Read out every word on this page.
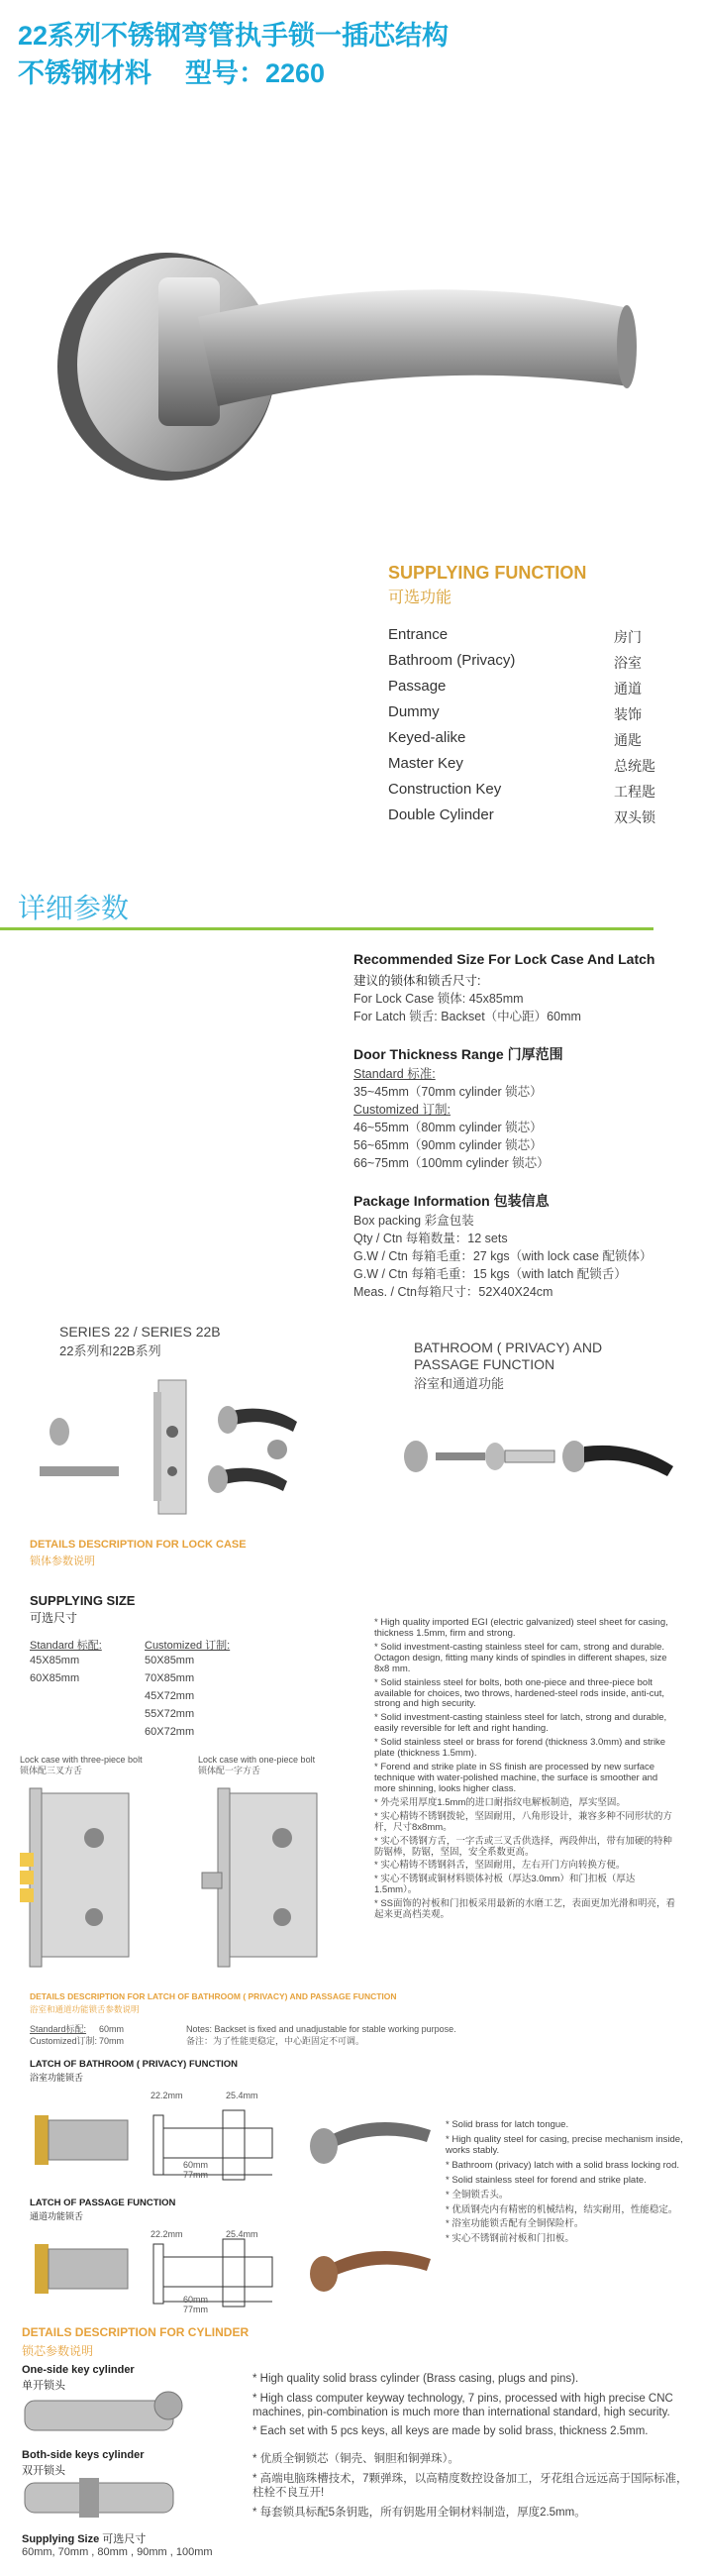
22系列不锈钢弯管执手锁一插芯结构
不锈钢材料 型号：2260
SUPPLYING FUNCTION
可选功能
Entrance	房门
Bathroom (Privacy)	浴室
Passage	通道
Dummy	装饰
Keyed-alike	通匙
Master Key	总统匙
Construction Key	工程匙
Double Cylinder	双头锁
详细参数
Recommended Size For Lock Case And Latch
建议的锁体和锁舌尺寸:
For Lock Case 锁体: 45x85mm
For Latch 锁舌: Backset（中心距）60mm
Door Thickness Range 门厚范围
Standard 标准:
35~45mm（70mm cylinder 锁芯）
Customized 订制:
46~55mm（80mm cylinder 锁芯）
56~65mm（90mm cylinder 锁芯）
66~75mm（100mm cylinder 锁芯）
Package Information 包装信息
Box packing 彩盒包装
Qty / Ctn 每箱数量：12 sets
G.W / Ctn 每箱毛重：27 kgs（with lock case 配锁体）
G.W / Ctn 每箱毛重：15 kgs（with latch 配锁舌）
Meas. / Ctn每箱尺寸：52X40X24cm
SERIES 22 / SERIES 22B
22系列和22B系列	BATHROOM ( PRIVACY) AND
PASSAGE FUNCTION
浴室和通道功能
DETAILS DESCRIPTION FOR LOCK CASE
锁体参数说明
SUPPLYING SIZE
可选尺寸
Standard 标配:
45X85mm
60X85mm
Customized 订制:
50X85mm
70X85mm
45X72mm
55X72mm
60X72mm
Lock case with three-piece bolt
锁体配三叉方舌
Lock case with one-piece bolt
锁体配一字方舌
* High quality imported EGI (electric galvanized) steel sheet for casing, thickness 1.5mm, firm and strong.
* Solid investment-casting stainless steel for cam, strong and durable. Octagon design, fitting many kinds of spindles in different shapes, size 8x8 mm.
* Solid stainless steel for bolts, both one-piece and three-piece bolt available for choices, two throws, hardened-steel rods inside, anti-cut, strong and high security.
* Solid investment-casting stainless steel for latch, strong and durable, easily reversible for left and right handing.
* Solid stainless steel or brass for forend (thickness 3.0mm) and strike plate (thickness 1.5mm).
* Forend and strike plate in SS finish are processed by new surface technique with water-polished machine, the surface is smoother and more shinning, looks higher class.
* 外壳采用厚度1.5mm的进口耐指纹电解板制造，厚实坚固。
* 实心精铸不锈钢拨轮，坚固耐用，八角形设计，兼容多种不同形状的方杆，尺寸8x8mm。
* 实心不锈钢方舌，一字舌或三叉舌供选择，两段伸出，带有加硬的特种防锯棒，防锯，坚固，安全系数更高。
* 实心精铸不锈钢斜舌，坚固耐用，左右开门方向转换方便。
* 实心不锈钢或铜材料锁体衬板（厚达3.0mm）和门扣板（厚达1.5mm）。
* SS面饰的衬板和门扣板采用最新的水磨工艺，表面更加光滑和明亮，看起来更高档美观。
DETAILS DESCRIPTION FOR LATCH OF BATHROOM ( PRIVACY) AND PASSAGE FUNCTION
浴室和通道功能锁舌参数说明
Standard标配: 60mm
Customized订制: 70mm
Notes: Backset is fixed and unadjustable for stable working purpose.
备注：为了性能更稳定，中心距固定不可调。
LATCH OF BATHROOM ( PRIVACY) FUNCTION
浴室功能锁舌
22.2mm	25.4mm
60mm
77mm
LATCH OF PASSAGE FUNCTION
通道功能锁舌
22.2mm	25.4mm
60mm
77mm
* Solid brass for latch tongue.
* High quality steel for casing, precise mechanism inside, works stably.
* Bathroom (privacy) latch with a solid brass locking rod.
* Solid stainless steel for forend and strike plate.
* 全铜锁舌头。
* 优质钢壳内有精密的机械结构，结实耐用，性能稳定。
* 浴室功能锁舌配有全铜保险杆。
* 实心不锈钢前衬板和门扣板。
DETAILS DESCRIPTION FOR CYLINDER
锁芯参数说明
One-side key cylinder
单开锁头
Both-side keys cylinder
双开锁头
Supplying Size 可选尺寸
60mm, 70mm , 80mm , 90mm , 100mm
* High quality solid brass cylinder (Brass casing, plugs and pins).
* High class computer keyway technology, 7 pins, processed with high precise CNC machines, pin-combination is much more than international standard, high security.
* Each set with 5 pcs keys, all keys are made by solid brass, thickness 2.5mm.
* 优质全铜锁芯（铜壳、铜胆和铜弹珠）。
* 高端电脑珠槽技术，7颗弹珠，以高精度数控设备加工，牙花组合远远高于国际标准，柱栓不良互开!
* 每套锁具标配5条钥匙，所有钥匙用全铜材料制造，厚度2.5mm。
